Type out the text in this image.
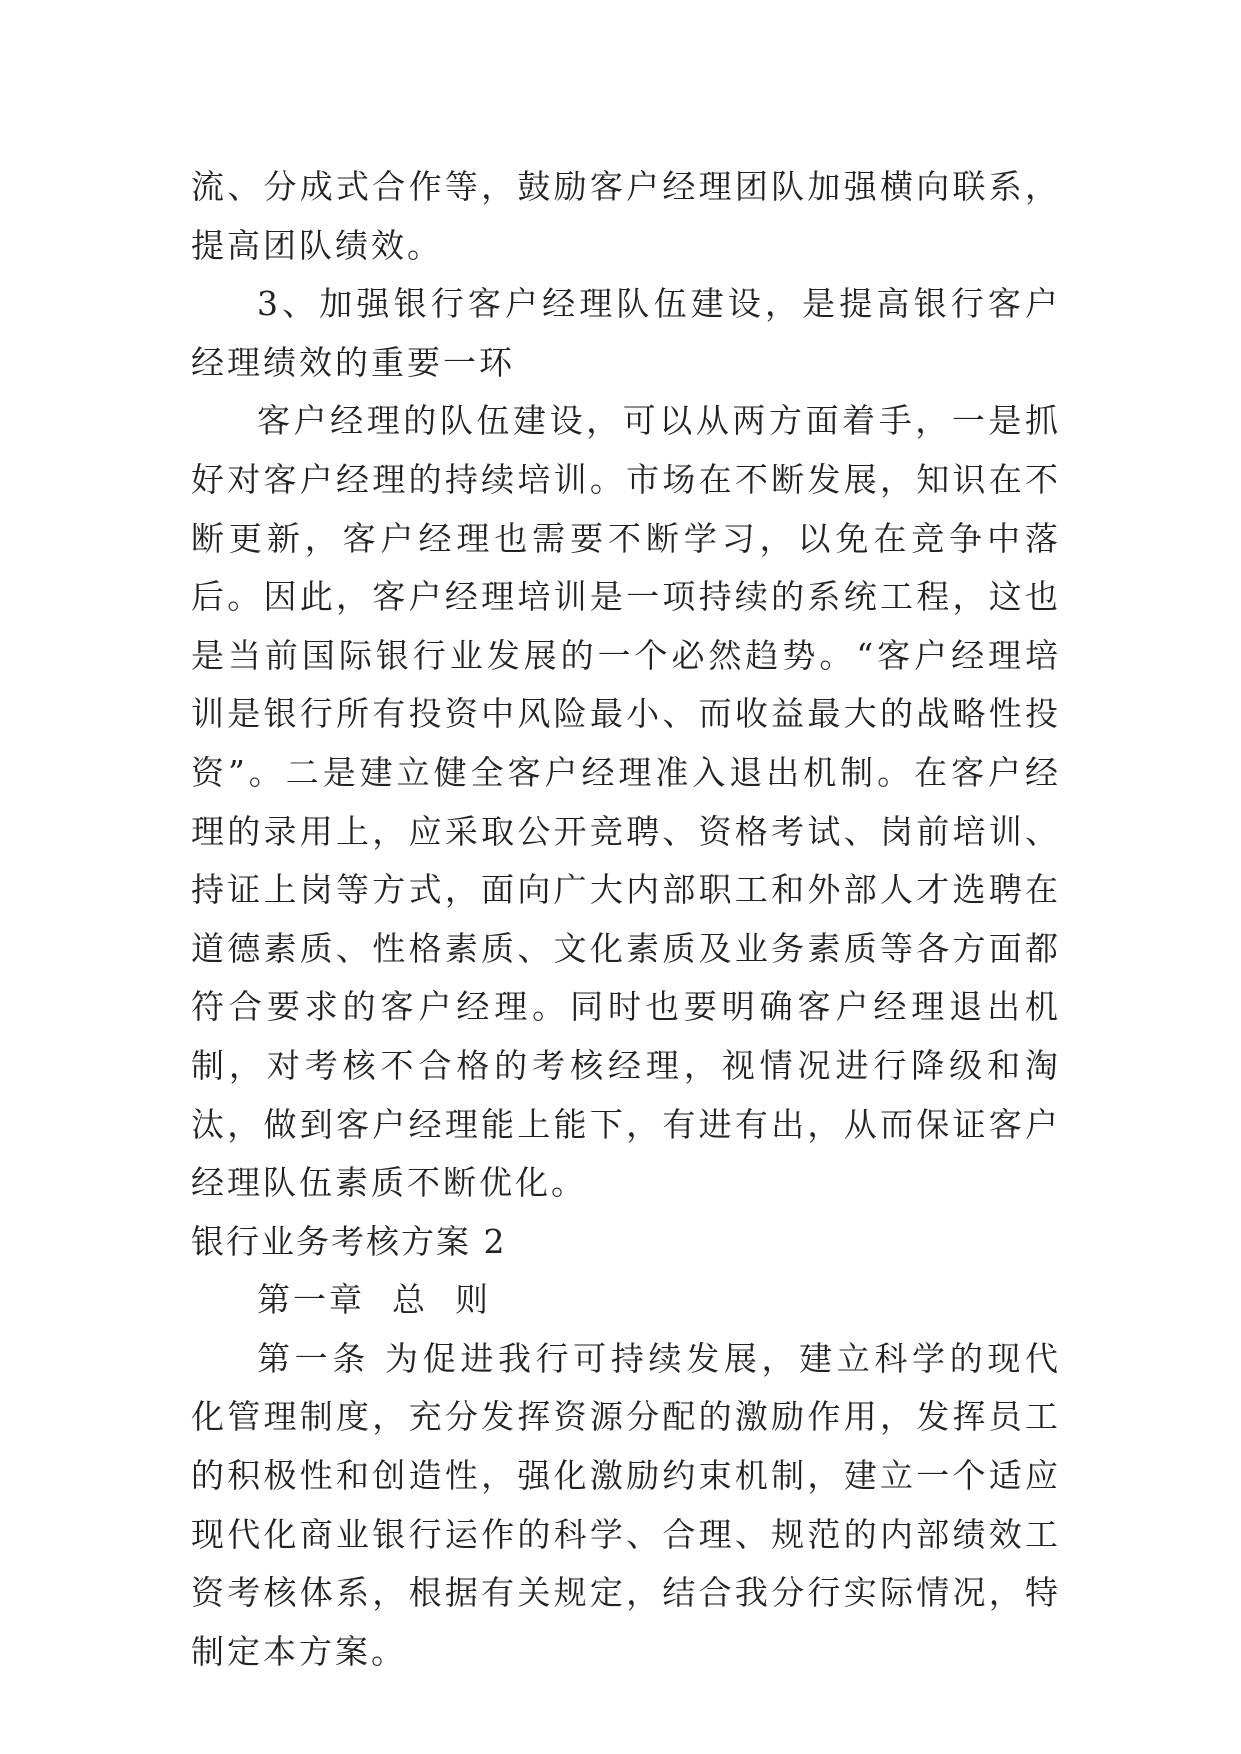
流、分成式合作等，鼓励客户经理团队加强横向联系，提高团队绩效。

3、加强银行客户经理队伍建设，是提高银行客户经理绩效的重要一环

客户经理的队伍建设，可以从两方面着手，一是抓好对客户经理的持续培训。市场在不断发展，知识在不断更新，客户经理也需要不断学习，以免在竞争中落后。因此，客户经理培训是一项持续的系统工程，这也是当前国际银行业发展的一个必然趋势。“客户经理培训是银行所有投资中风险最小、而收益最大的战略性投资”。二是建立健全客户经理准入退出机制。在客户经理的录用上，应采取公开竞聘、资格考试、岗前培训、持证上岗等方式，面向广大内部职工和外部人才选聘在道德素质、性格素质、文化素质及业务素质等各方面都符合要求的客户经理。同时也要明确客户经理退出机制，对考核不合格的考核经理，视情况进行降级和淘汰，做到客户经理能上能下，有进有出，从而保证客户经理队伍素质不断优化。

银行业务考核方案 2

第一章  总  则

第一条 为促进我行可持续发展，建立科学的现代化管理制度，充分发挥资源分配的激励作用，发挥员工的积极性和创造性，强化激励约束机制，建立一个适应现代化商业银行运作的科学、合理、规范的内部绩效工资考核体系，根据有关规定，结合我分行实际情况，特制定本方案。
